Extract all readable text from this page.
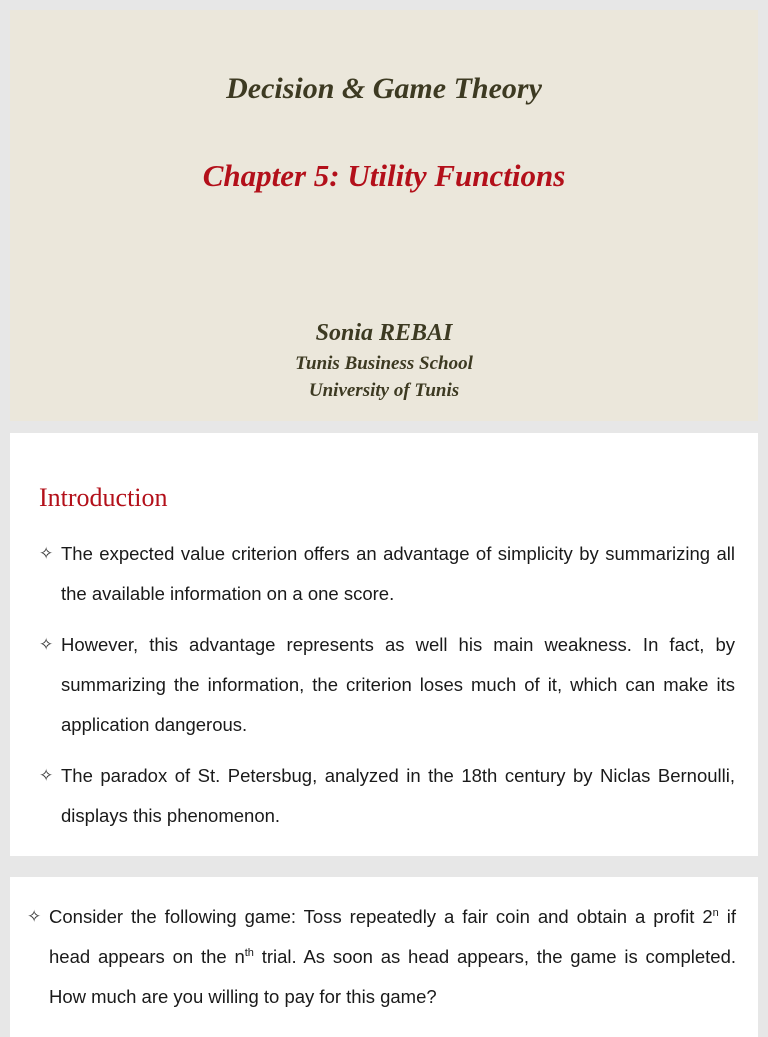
Decision & Game Theory
Chapter 5: Utility Functions
Sonia REBAI
Tunis Business School
University of Tunis
Introduction
✧ The expected value criterion offers an advantage of simplicity by summarizing all the available information on a one score.
✧ However, this advantage represents as well his main weakness. In fact, by summarizing the information, the criterion loses much of it, which can make its application dangerous.
✧ The paradox of St. Petersbug, analyzed in the 18th century by Niclas Bernoulli, displays this phenomenon.
✧ Consider the following game: Toss repeatedly a fair coin and obtain a profit 2$^n$ if head appears on the $n^{th}$ trial. As soon as head appears, the game is completed. How much are you willing to pay for this game?
